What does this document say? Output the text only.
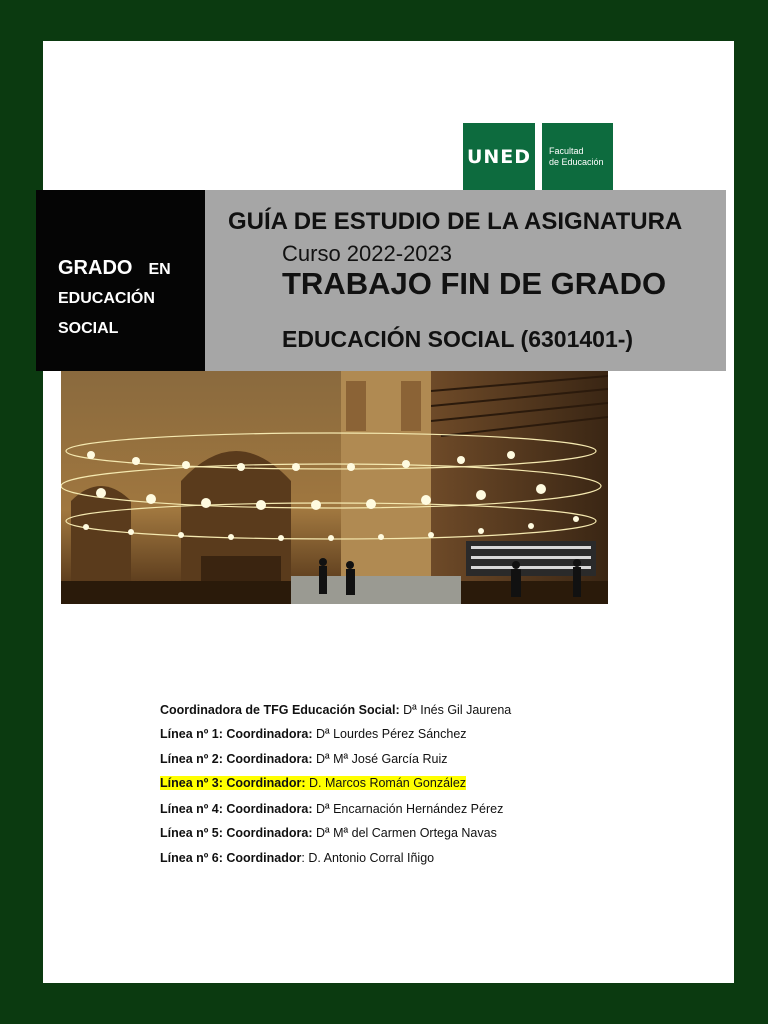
UNED Facultad
de Educación
GRADO EN
EDUCACIÓN
SOCIAL
GUÍA DE ESTUDIO DE LA ASIGNATURA
Curso 2022-2023
TRABAJO FIN DE GRADO
EDUCACIÓN SOCIAL (6301401-)
Coordinadora de TFG Educación Social: Dª Inés Gil Jaurena
Línea nº 1: Coordinadora: Dª Lourdes Pérez Sánchez
Línea nº 2: Coordinadora: Dª Mª José García Ruiz
Línea nº 3: Coordinador: D. Marcos Román González
Línea nº 4: Coordinadora: Dª Encarnación Hernández Pérez
Línea nº 5: Coordinadora: Dª Mª del Carmen Ortega Navas
Línea nº 6: Coordinador: D. Antonio Corral Iñigo
